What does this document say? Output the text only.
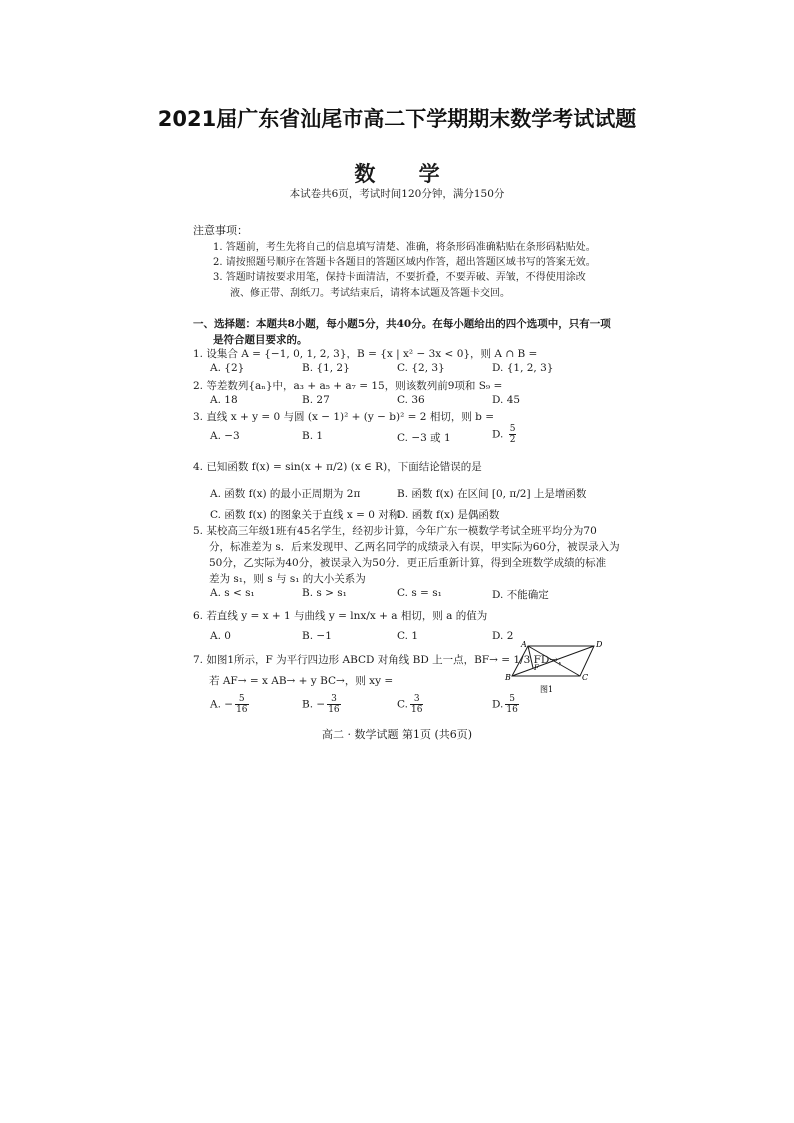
2021届广东省汕尾市高二下学期期末数学考试试题
数 学
本试卷共6页，考试时间120分钟，满分150分
注意事项：
1. 答题前，考生先将自己的信息填写清楚、准确，将条形码准确粘贴在条形码粘贴处。
2. 请按照题号顺序在答题卡各题目的答题区域内作答，超出答题区域书写的答案无效。
3. 答题时请按要求用笔，保持卡面清洁，不要折叠，不要弄破、弄皱，不得使用涂改
液、修正带、刮纸刀。考试结束后，请将本试题及答题卡交回。
一、选择题：本题共8小题，每小题5分，共40分。在每小题给出的四个选项中，只有一项
是符合题目要求的。
1. 设集合 A = {−1, 0, 1, 2, 3}，B = {x | x² − 3x < 0}，则 A ∩ B =
A. {2}	B. {1, 2}	C. {2, 3}	D. {1, 2, 3}
2. 等差数列{aₙ}中，a₃ + a₅ + a₇ = 15，则该数列前9项和 S₉ =
A. 18	B. 27	C. 36	D. 45
3. 直线 x + y = 0 与圆 (x − 1)² + (y − b)² = 2 相切，则 b =
A. −3	B. 1	C. −3 或 1	D. $\frac{5}{2}$
4. 已知函数 f(x) = sin(x + π/2) (x ∈ R)，下面结论错误的是
A. 函数 f(x) 的最小正周期为 2π	B. 函数 f(x) 在区间 [0, π/2] 上是增函数
C. 函数 f(x) 的图象关于直线 x = 0 对称
D. 函数 f(x) 是偶函数
5. 某校高三年级1班有45名学生，经初步计算，今年广东一模数学考试全班平均分为70
分，标准差为 s．后来发现甲、乙两名同学的成绩录入有误，甲实际为60分，被误录入为
50分，乙实际为40分，被误录入为50分．更正后重新计算，得到全班数学成绩的标准
差为 s₁，则 s 与 s₁ 的大小关系为
A. s < s₁	B. s > s₁	C. s = s₁	D. 不能确定
6. 若直线 y = x + 1 与曲线 y = lnx/x + a 相切，则 a 的值为
A. 0	B. −1	C. 1	D. 2
7. 如图1所示，F 为平行四边形 ABCD 对角线 BD 上一点，BF→ = 1/3 FD→，
若 AF→ = x AB→ + y BC→，则 xy =
A. − $\frac{5}{16}$	B. − $\frac{3}{16}$	C. $\frac{3}{16}$	D. $\frac{5}{16}$
A	D
B	C
F
图1
高二 · 数学试题 第1页 (共6页)
